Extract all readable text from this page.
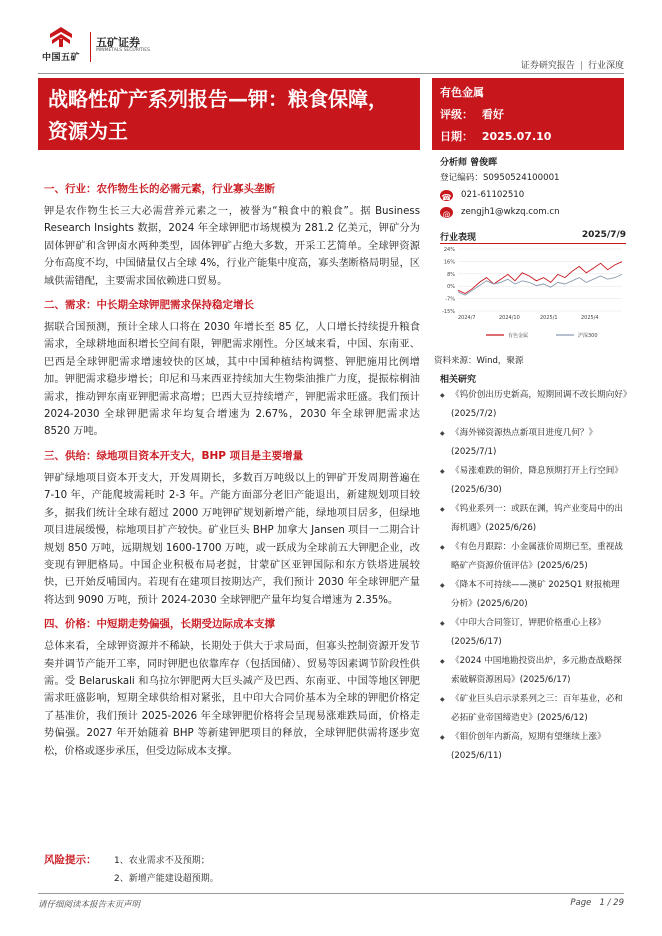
中国五矿
五矿证券
MINMETALS SECURITIES
证券研究报告 | 行业深度
战略性矿产系列报告—钾：粮食保障，
资源为王
有色金属
评级： 看好
日期： 2025.07.10
一、行业：农作物生长的必需元素，行业寡头垄断
钾是农作物生长三大必需营养元素之一，被誉为“粮食中的粮食”。据 Business Research Insights 数据，2024 年全球钾肥市场规模为 281.2 亿美元，钾矿分为固体钾矿和含钾卤水两种类型，固体钾矿占绝大多数，开采工艺简单。全球钾资源分布高度不均，中国储量仅占全球 4%，行业产能集中度高，寡头垄断格局明显，区域供需错配，主要需求国依赖进口贸易。
二、需求：中长期全球钾肥需求保持稳定增长
据联合国预测，预计全球人口将在 2030 年增长至 85 亿，人口增长持续提升粮食需求，全球耕地面积增长空间有限，钾肥需求刚性。分区域来看，中国、东南亚、巴西是全球钾肥需求增速较快的区域，其中中国种植结构调整、钾肥施用比例增加。钾肥需求稳步增长；印尼和马来西亚持续加大生物柴油推广力度，提振棕榈油需求，推动钾东南亚钾肥需求高增；巴西大豆持续增产，钾肥需求旺盛。我们预计 2024-2030 全球钾肥需求年均复合增速为 2.67%，2030 年全球钾肥需求达 8520 万吨。
三、供给：绿地项目资本开支大，BHP 项目是主要增量
钾矿绿地项目资本开支大，开发周期长，多数百万吨级以上的钾矿开发周期普遍在 7-10 年，产能爬坡需耗时 2-3 年。产能方面部分老旧产能退出，新建规划项目较多，据我们统计全球有超过 2000 万吨钾矿规划新增产能，绿地项目居多，但绿地项目进展缓慢，棕地项目扩产较快。矿业巨头 BHP 加拿大 Jansen 项目一二期合计规划 850 万吨，远期规划 1600-1700 万吨，或一跃成为全球前五大钾肥企业，改变现有钾肥格局。中国企业积极布局老挝，甘蒙矿区亚钾国际和东方铁塔进展较快，已开始反哺国内。若现有在建项目按期达产，我们预计 2030 年全球钾肥产量将达到 9090 万吨，预计 2024-2030 全球钾肥产量年均复合增速为 2.35%。
四、价格：中短期走势偏强，长期受边际成本支撑
总体来看，全球钾资源并不稀缺，长期处于供大于求局面，但寡头控制资源开发节奏并调节产能开工率，同时钾肥也依靠库存（包括国储）、贸易等因素调节阶段性供需。受 Belaruskali 和乌拉尔钾肥两大巨头减产及巴西、东南亚、中国等地区钾肥需求旺盛影响，短期全球供给相对紧张，且中印大合同价基本为全球的钾肥价格定了基准价，我们预计 2025-2026 年全球钾肥价格将会呈现易涨难跌局面，价格走势偏强。2027 年开始随着 BHP 等新建钾肥项目的释放，全球钾肥供需将逐步宽松，价格或逐步承压，但受边际成本支撑。
分析师 曾俊晖
登记编码：S0950524100001
☎ 021-61102510
@ zengjh1@wkzq.com.cn
行业表现	2025/7/9
24%
16%
8%
0%
-7%
-15%
2024/7	2024/10	2025/1	2025/4
有色金属	沪深300
资料来源：Wind，聚源
相关研究
◆ 《钨价创出历史新高，短期回调不改长期向好》(2025/7/2)
◆ 《海外锑资源热点新项目进度几何？》(2025/7/1)
◆ 《易涨难跌的铜价，降息预期打开上行空间》(2025/6/30)
◆ 《钨业系列一：或跃在渊，钨产业变局中的出海机遇》(2025/6/26)
◆ 《有色月跟踪：小金属涨价周期已至，重视战略矿产资源价值评估》(2025/6/25)
◆ 《降本不可持续——澳矿 2025Q1 财报梳理分析》(2025/6/20)
◆ 《中印大合同签订，钾肥价格重心上移》(2025/6/17)
◆ 《2024 中国地勘投资出炉，多元勘查战略探索破解资源困局》(2025/6/17)
◆ 《矿业巨头启示录系列之三：百年基业，必和必拓矿业帝国缔造史》(2025/6/12)
◆ 《钼价创年内新高，短期有望继续上涨》(2025/6/11)
风险提示： 1、农业需求不及预期；
2、新增产能建设超预期。
请仔细阅读本报告末页声明	Page 1 / 29
